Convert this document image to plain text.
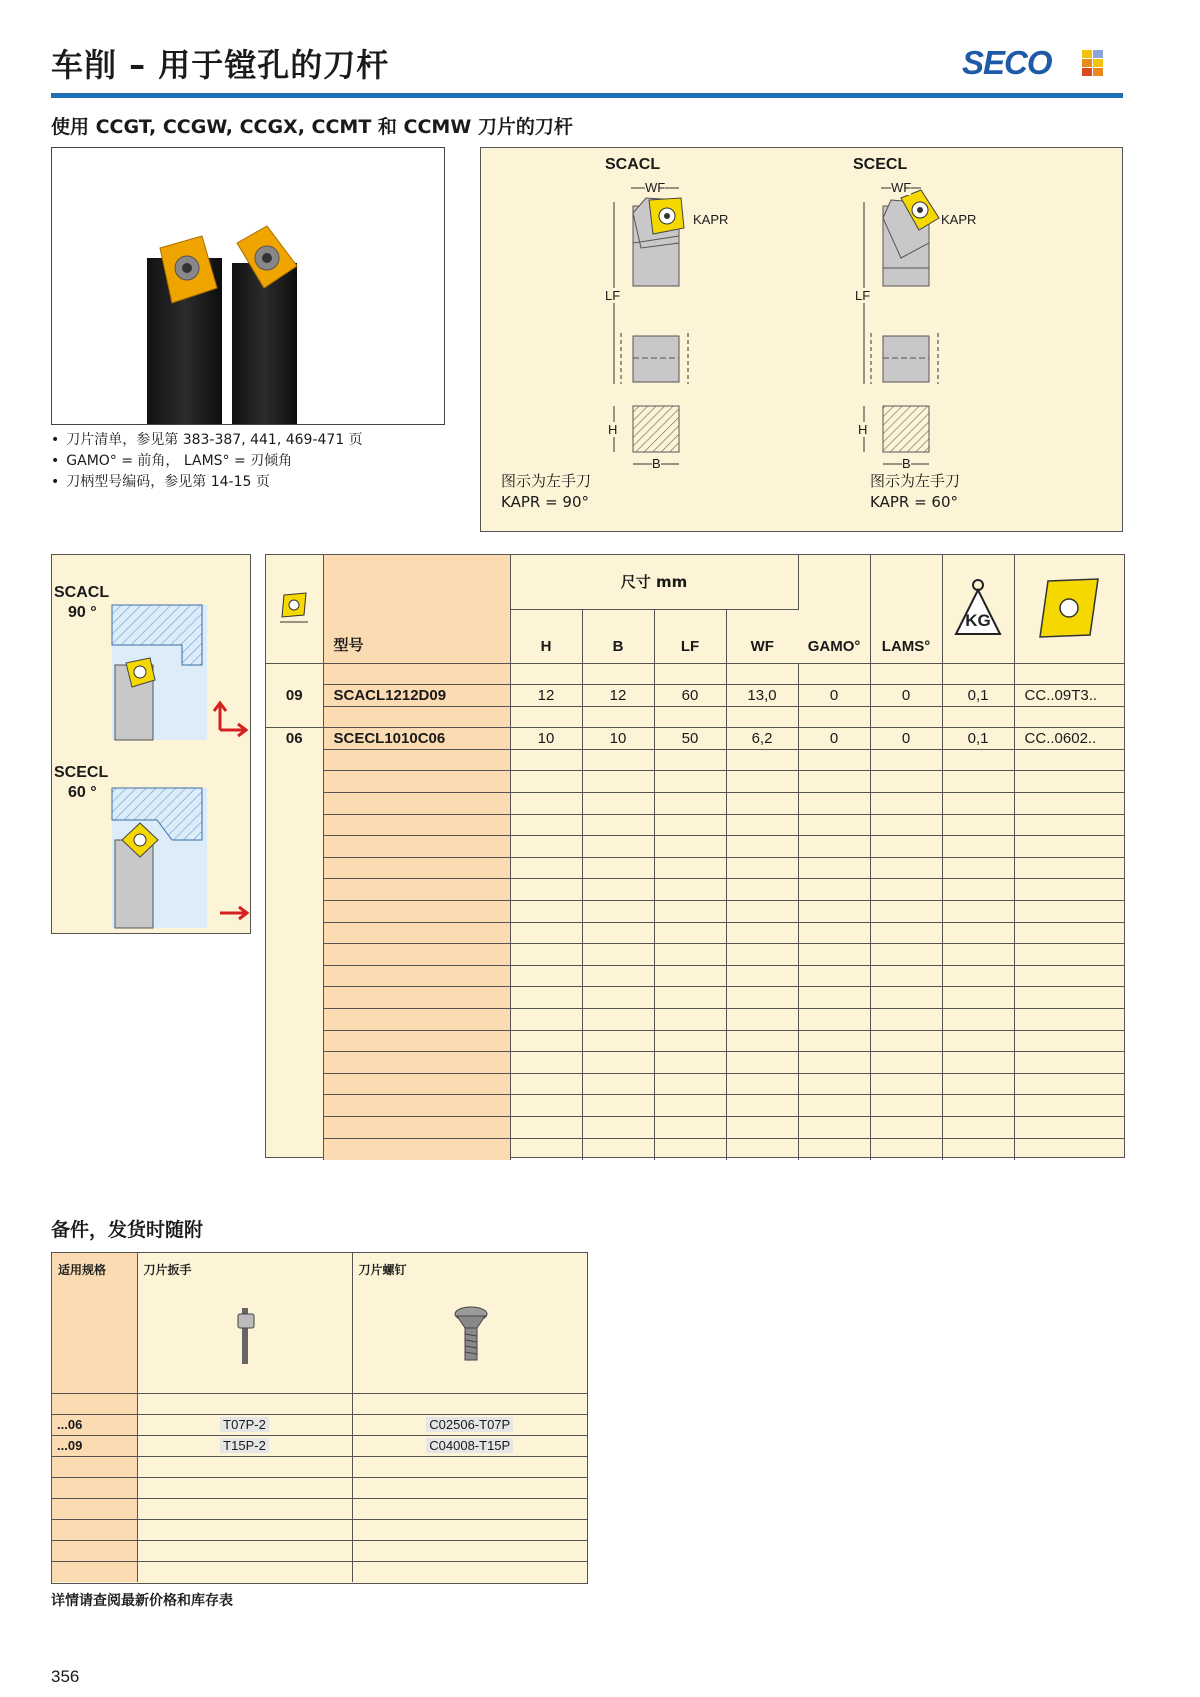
车削 – 用于镗孔的刀杆	SECO
使用 CCGT, CCGW, CCGX, CCMT 和 CCMW 刀片的刀杆
• 刀片清单，参见第 383-387, 441, 469-471 页
• GAMO° = 前角， LAMS° = 刃倾角
• 刀柄型号编码，参见第 14-15 页
SCACL	SCECL
WF
KAPR
LF
H
B
WF
KAPR
LF
H
B
图示为左手刀
KAPR = 90°
图示为左手刀
KAPR = 60°
SCACL
90 °
SCECL
60 °
	型号	尺寸 mm				GAMO°	LAMS°	KG

		H	B	LF	WF				

09	SCACL1212D09	12	12	60	13,0	0	0	0,1	CC..09T3..

06	SCECL1010C06	10	10	50	6,2	0	0	0,1	CC..0602..

备件，发货时随附
适用规格	刀片扳手	刀片螺钉

...06	T07P-2	C02506-T07P
...09	T15P-2	C04008-T15P

详情请查阅最新价格和库存表
356
